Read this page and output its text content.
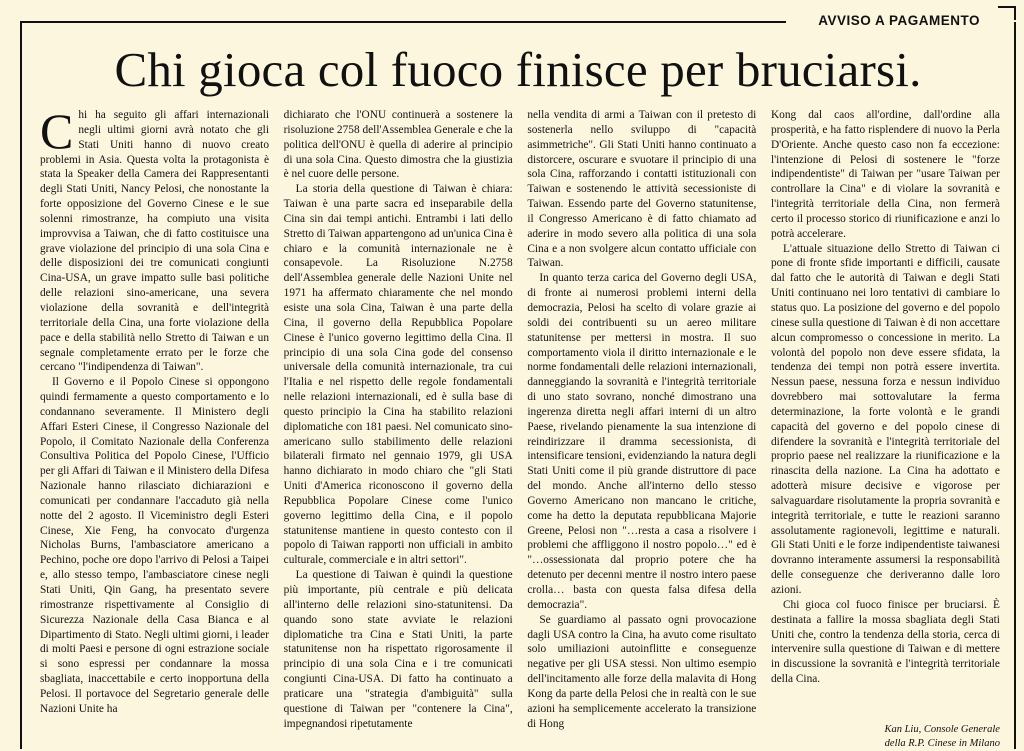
AVVISO A PAGAMENTO
Chi gioca col fuoco finisce per bruciarsi.

Chi ha seguito gli affari internazionali negli ultimi giorni avrà notato che gli Stati Uniti hanno di nuovo creato problemi in Asia. Questa volta la protagonista è stata la Speaker della Camera dei Rappresentanti degli Stati Uniti, Nancy Pelosi, che nonostante la forte opposizione del Governo Cinese e le sue solenni rimostranze, ha compiuto una visita improvvisa a Taiwan, che di fatto costituisce una grave violazione del principio di una sola Cina e delle disposizioni dei tre comunicati congiunti Cina-USA, un grave impatto sulle basi politiche delle relazioni sino-americane, una severa violazione della sovranità e dell'integrità territoriale della Cina, una forte violazione della pace e della stabilità nello Stretto di Taiwan e un segnale completamente errato per le forze che cercano "l'indipendenza di Taiwan".

Il Governo e il Popolo Cinese si oppongono quindi fermamente a questo comportamento e lo condannano severamente. Il Ministero degli Affari Esteri Cinese, il Congresso Nazionale del Popolo, il Comitato Nazionale della Conferenza Consultiva Politica del Popolo Cinese, l'Ufficio per gli Affari di Taiwan e il Ministero della Difesa Nazionale hanno rilasciato dichiarazioni e comunicati per condannare l'accaduto già nella notte del 2 agosto. Il Viceministro degli Esteri Cinese, Xie Feng, ha convocato d'urgenza Nicholas Burns, l'ambasciatore americano a Pechino, poche ore dopo l'arrivo di Pelosi a Taipei e, allo stesso tempo, l'ambasciatore cinese negli Stati Uniti, Qin Gang, ha presentato severe rimostranze rispettivamente al Consiglio di Sicurezza Nazionale della Casa Bianca e al Dipartimento di Stato. Negli ultimi giorni, i leader di molti Paesi e persone di ogni estrazione sociale si sono espressi per condannare la mossa sbagliata, inaccettabile e certo inopportuna della Pelosi. Il portavoce del Segretario generale delle Nazioni Unite ha

dichiarato che l'ONU continuerà a sostenere la risoluzione 2758 dell'Assemblea Generale e che la politica dell'ONU è quella di aderire al principio di una sola Cina. Questo dimostra che la giustizia è nel cuore delle persone.

La storia della questione di Taiwan è chiara: Taiwan è una parte sacra ed inseparabile della Cina sin dai tempi antichi. Entrambi i lati dello Stretto di Taiwan appartengono ad un'unica Cina è chiaro e la comunità internazionale ne è consapevole. La Risoluzione N.2758 dell'Assemblea generale delle Nazioni Unite nel 1971 ha affermato chiaramente che nel mondo esiste una sola Cina, Taiwan è una parte della Cina, il governo della Repubblica Popolare Cinese è l'unico governo legittimo della Cina. Il principio di una sola Cina gode del consenso universale della comunità internazionale, tra cui l'Italia e nel rispetto delle regole fondamentali nelle relazioni internazionali, ed è sulla base di questo principio la Cina ha stabilito relazioni diplomatiche con 181 paesi. Nel comunicato sino-americano sullo stabilimento delle relazioni bilaterali firmato nel gennaio 1979, gli USA hanno dichiarato in modo chiaro che "gli Stati Uniti d'America riconoscono il governo della Repubblica Popolare Cinese come l'unico governo legittimo della Cina, e il popolo statunitense mantiene in questo contesto con il popolo di Taiwan rapporti non ufficiali in ambito culturale, commerciale e in altri settori".

La questione di Taiwan è quindi la questione più importante, più centrale e più delicata all'interno delle relazioni sino-statunitensi. Da quando sono state avviate le relazioni diplomatiche tra Cina e Stati Uniti, la parte statunitense non ha rispettato rigorosamente il principio di una sola Cina e i tre comunicati congiunti Cina-USA. Di fatto ha continuato a praticare una "strategia d'ambiguità" sulla questione di Taiwan per "contenere la Cina", impegnandosi ripetutamente

nella vendita di armi a Taiwan con il pretesto di sostenerla nello sviluppo di "capacità asimmetriche". Gli Stati Uniti hanno continuato a distorcere, oscurare e svuotare il principio di una sola Cina, rafforzando i contatti istituzionali con Taiwan e sostenendo le attività secessioniste di Taiwan. Essendo parte del Governo statunitense, il Congresso Americano è di fatto chiamato ad aderire in modo severo alla politica di una sola Cina e a non svolgere alcun contatto ufficiale con Taiwan.

In quanto terza carica del Governo degli USA, di fronte ai numerosi problemi interni della democrazia, Pelosi ha scelto di volare grazie ai soldi dei contribuenti su un aereo militare statunitense per mettersi in mostra. Il suo comportamento viola il diritto internazionale e le norme fondamentali delle relazioni internazionali, danneggiando la sovranità e l'integrità territoriale di uno stato sovrano, nonché dimostrano una ingerenza diretta negli affari interni di un altro Paese, rivelando pienamente la sua intenzione di reindirizzare il dramma secessionista, di intensificare tensioni, evidenziando la natura degli Stati Uniti come il più grande distruttore di pace del mondo. Anche all'interno dello stesso Governo Americano non mancano le critiche, come ha detto la deputata repubblicana Majorie Greene, Pelosi non "…resta a casa a risolvere i problemi che affliggono il nostro popolo…" ed è "…ossessionata dal proprio potere che ha detenuto per decenni mentre il nostro intero paese crolla… basta con questa falsa difesa della democrazia".

Se guardiamo al passato ogni provocazione dagli USA contro la Cina, ha avuto come risultato solo umiliazioni autoinflitte e conseguenze negative per gli USA stessi. Non ultimo esempio dell'incitamento alle forze della malavita di Hong Kong da parte della Pelosi che in realtà con le sue azioni ha semplicemente accelerato la transizione di Hong

Kong dal caos all'ordine, dall'ordine alla prosperità, e ha fatto risplendere di nuovo la Perla D'Oriente. Anche questo caso non fa eccezione: l'intenzione di Pelosi di sostenere le "forze indipendentiste" di Taiwan per "usare Taiwan per controllare la Cina" e di violare la sovranità e l'integrità territoriale della Cina, non fermerà certo il processo storico di riunificazione e anzi lo potrà accelerare.

L'attuale situazione dello Stretto di Taiwan ci pone di fronte sfide importanti e difficili, causate dal fatto che le autorità di Taiwan e degli Stati Uniti continuano nei loro tentativi di cambiare lo status quo. La posizione del governo e del popolo cinese sulla questione di Taiwan è di non accettare alcun compromesso o concessione in merito. La volontà del popolo non deve essere sfidata, la tendenza dei tempi non potrà essere invertita. Nessun paese, nessuna forza e nessun individuo dovrebbero mai sottovalutare la ferma determinazione, la forte volontà e le grandi capacità del governo e del popolo cinese di difendere la sovranità e l'integrità territoriale del proprio paese nel realizzare la riunificazione e la rinascita della nazione. La Cina ha adottato e adotterà misure decisive e vigorose per salvaguardare risolutamente la propria sovranità e integrità territoriale, e tutte le reazioni saranno assolutamente ragionevoli, legittime e naturali. Gli Stati Uniti e le forze indipendentiste taiwanesi dovranno interamente assumersi la responsabilità delle conseguenze che deriveranno dalle loro azioni.

Chi gioca col fuoco finisce per bruciarsi. È destinata a fallire la mossa sbagliata degli Stati Uniti che, contro la tendenza della storia, cerca di intervenire sulla questione di Taiwan e di mettere in discussione la sovranità e l'integrità territoriale della Cina.

Kan Liu, Console Generale
della R.P. Cinese in Milano
